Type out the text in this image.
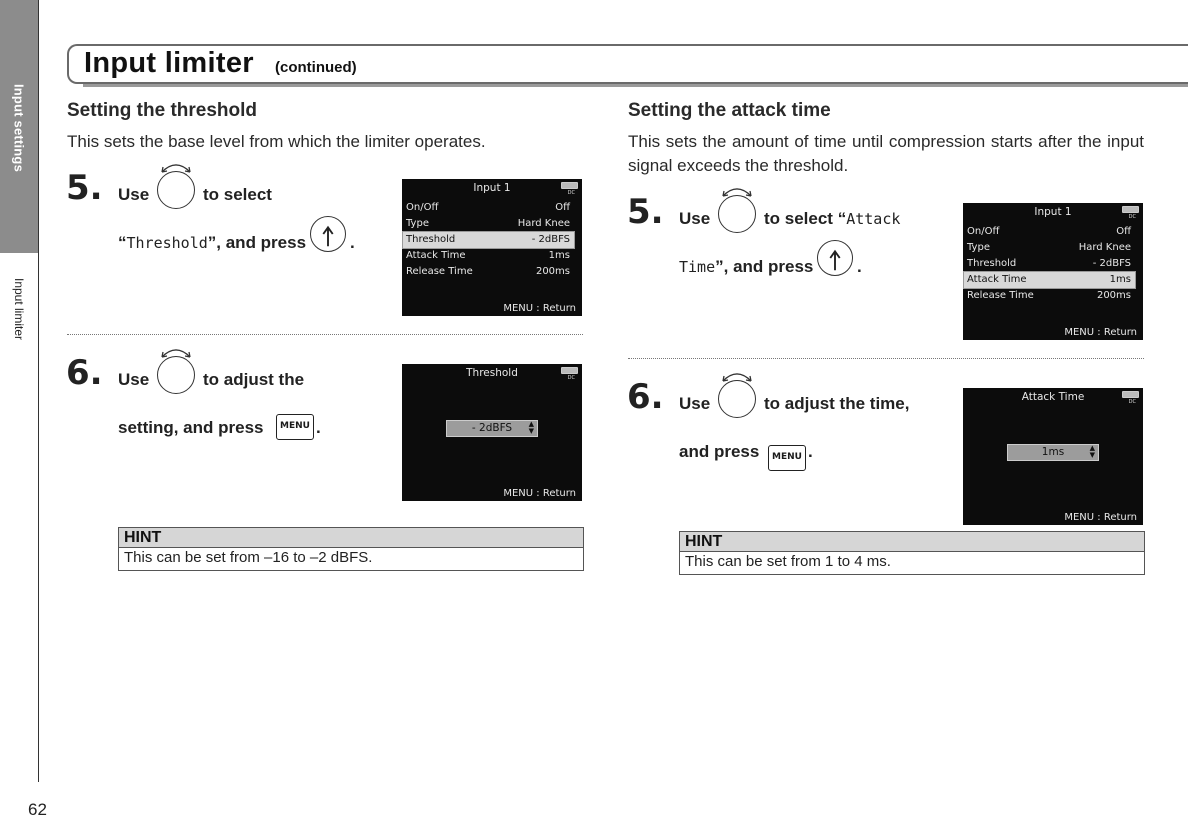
Input settings
Input limiter
62
Input limiter (continued)
Setting the threshold
This sets the base level from which the limiter operates.
5. Use	to select
“Threshold”, and press	.
Input 1	DC
On/Off	Off
Type	Hard Knee
Threshold	- 2dBFS
Attack Time	1ms
Release Time	200ms
MENU : Return
6. Use	to adjust the
setting, and press	MENU .
Threshold	DC
- 2dBFS ▲
▼
MENU : Return
HINT
This can be set from –16 to –2 dBFS.
Setting the attack time
This sets the amount of time until compression starts after the input signal exceeds the threshold.
5. Use	to select “Attack
Time”, and press	.
Input 1	DC
On/Off	Off
Type	Hard Knee
Threshold	- 2dBFS
Attack Time	1ms
Release Time	200ms
MENU : Return
6. Use	to adjust the time,
and press	MENU .
Attack Time	DC
1ms	▲
▼
MENU : Return
HINT
This can be set from 1 to 4 ms.
